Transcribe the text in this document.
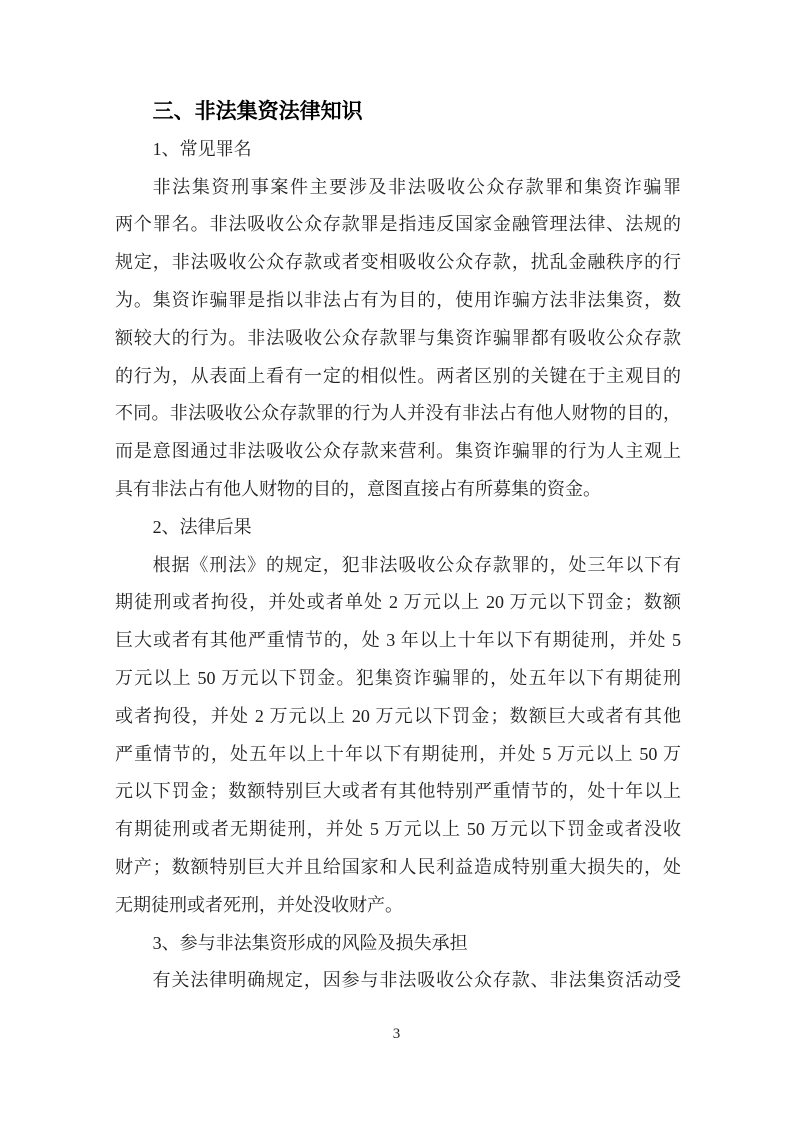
三、非法集资法律知识
1、常见罪名
非法集资刑事案件主要涉及非法吸收公众存款罪和集资诈骗罪
两个罪名。非法吸收公众存款罪是指违反国家金融管理法律、法规的
规定，非法吸收公众存款或者变相吸收公众存款，扰乱金融秩序的行
为。集资诈骗罪是指以非法占有为目的，使用诈骗方法非法集资，数
额较大的行为。非法吸收公众存款罪与集资诈骗罪都有吸收公众存款
的行为，从表面上看有一定的相似性。两者区别的关键在于主观目的
不同。非法吸收公众存款罪的行为人并没有非法占有他人财物的目的，
而是意图通过非法吸收公众存款来营利。集资诈骗罪的行为人主观上
具有非法占有他人财物的目的，意图直接占有所募集的资金。
2、法律后果
根据《刑法》的规定，犯非法吸收公众存款罪的，处三年以下有
期徒刑或者拘役，并处或者单处 2 万元以上 20 万元以下罚金；数额
巨大或者有其他严重情节的，处 3 年以上十年以下有期徒刑，并处 5
万元以上 50 万元以下罚金。犯集资诈骗罪的，处五年以下有期徒刑
或者拘役，并处 2 万元以上 20 万元以下罚金；数额巨大或者有其他
严重情节的，处五年以上十年以下有期徒刑，并处 5 万元以上 50 万
元以下罚金；数额特别巨大或者有其他特别严重情节的，处十年以上
有期徒刑或者无期徒刑，并处 5 万元以上 50 万元以下罚金或者没收
财产；数额特别巨大并且给国家和人民利益造成特别重大损失的，处
无期徒刑或者死刑，并处没收财产。
3、参与非法集资形成的风险及损失承担
有关法律明确规定，因参与非法吸收公众存款、非法集资活动受
3
